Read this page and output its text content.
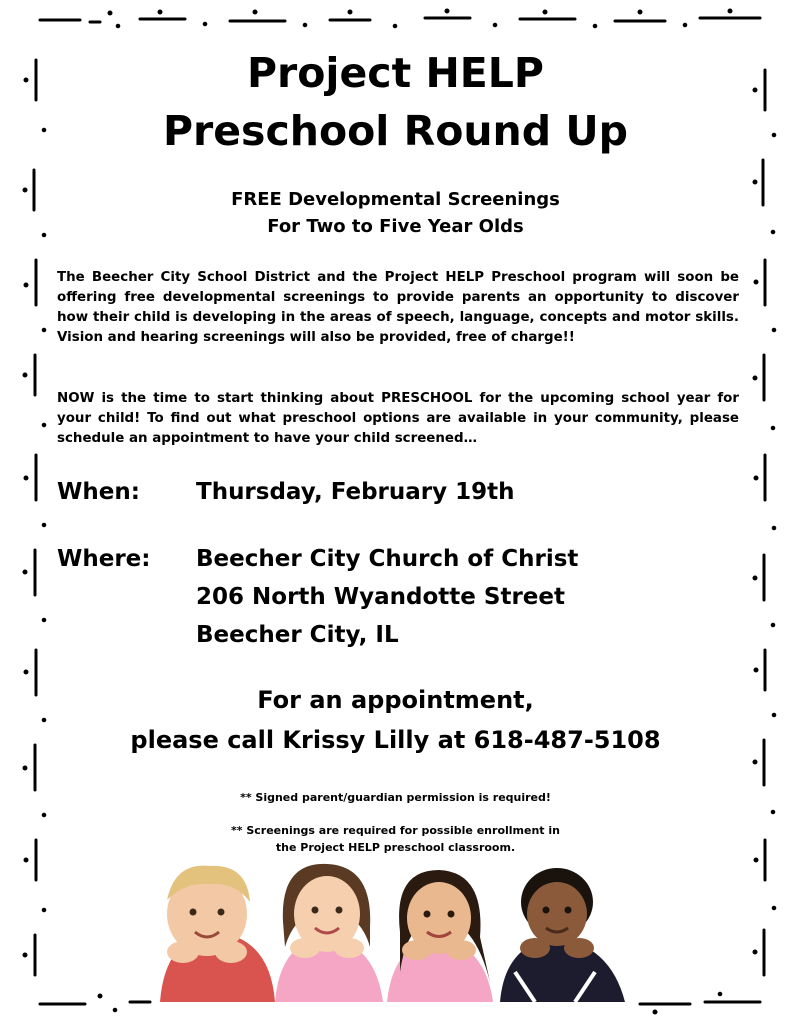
Project HELP
Preschool Round Up
FREE Developmental Screenings
For Two to Five Year Olds

The Beecher City School District and the Project HELP Preschool program will soon be offering free developmental screenings to provide parents an opportunity to discover how their child is developing in the areas of speech, language, concepts and motor skills. Vision and hearing screenings will also be provided, free of charge!!

NOW is the time to start thinking about PRESCHOOL for the upcoming school year for your child! To find out what preschool options are available in your community, please schedule an appointment to have your child screened…

When: Thursday, February 19th
Where: Beecher City Church of Christ
206 North Wyandotte Street
Beecher City, IL
For an appointment,
please call Krissy Lilly at 618-487-5108
** Signed parent/guardian permission is required!
** Screenings are required for possible enrollment in
the Project HELP preschool classroom.
